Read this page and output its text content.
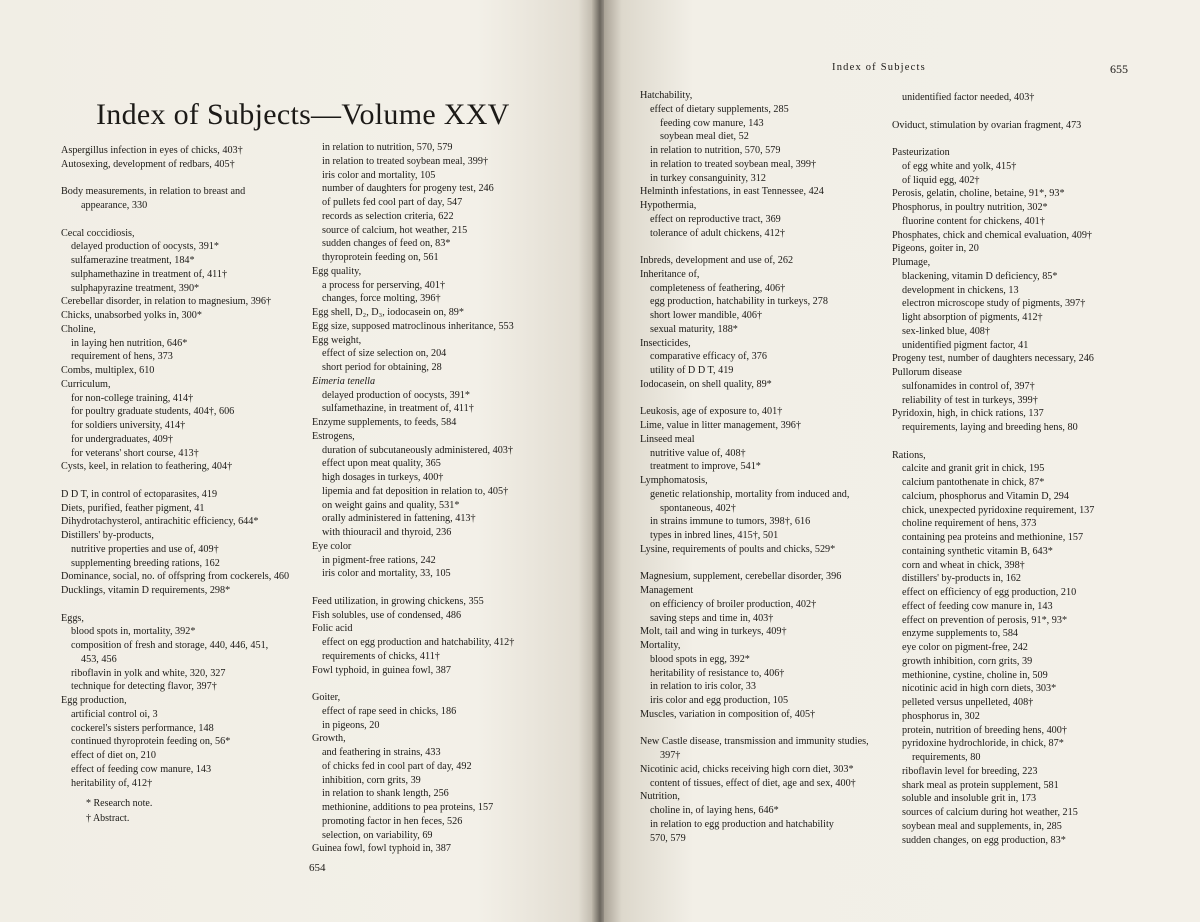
Index of Subjects—Volume XXV
Aspergillus infection in eyes of chicks, 403†
Autosexing, development of redbars, 405†
Body measurements, in relation to breast and appearance, 330
Cecal coccidiosis,
delayed production of oocysts, 391*
sulfamerazine treatment, 184*
sulphamethazine in treatment of, 411†
sulphapyrazine treatment, 390*
Cerebellar disorder, in relation to magnesium, 396†
Chicks, unabsorbed yolks in, 300*
Choline,
in laying hen nutrition, 646*
requirement of hens, 373
Combs, multiplex, 610
Curriculum,
for non-college training, 414†
for poultry graduate students, 404†, 606
for soldiers university, 414†
for undergraduates, 409†
for veterans' short course, 413†
Cysts, keel, in relation to feathering, 404†
D D T, in control of ectoparasites, 419
Diets, purified, feather pigment, 41
Dihydrotachysterol, antirachitic efficiency, 644*
Distillers' by-products,
nutritive properties and use of, 409†
supplementing breeding rations, 162
Dominance, social, no. of offspring from cockerels, 460
Ducklings, vitamin D requirements, 298*
Eggs,
blood spots in, mortality, 392*
composition of fresh and storage, 440, 446, 451,
453, 456
riboflavin in yolk and white, 320, 327
technique for detecting flavor, 397†
Egg production,
artificial control oi, 3
cockerel's sisters performance, 148
continued thyroprotein feeding on, 56*
effect of diet on, 210
effect of feeding cow manure, 143
heritability of, 412†
in relation to nutrition, 570, 579
in relation to treated soybean meal, 399†
iris color and mortality, 105
number of daughters for progeny test, 246
of pullets fed cool part of day, 547
records as selection criteria, 622
source of calcium, hot weather, 215
sudden changes of feed on, 83*
thyroprotein feeding on, 561
Egg quality,
a process for perserving, 401†
changes, force molting, 396†
Egg shell, D₂, D₃, iodocasein on, 89*
Egg size, supposed matroclinous inheritance, 553
Egg weight,
effect of size selection on, 204
short period for obtaining, 28
Eimeria tenella
delayed production of oocysts, 391*
sulfamethazine, in treatment of, 411†
Enzyme supplements, to feeds, 584
Estrogens,
duration of subcutaneously administered, 403†
effect upon meat quality, 365
high dosages in turkeys, 400†
lipemia and fat deposition in relation to, 405†
on weight gains and quality, 531*
orally administered in fattening, 413†
with thiouracil and thyroid, 236
Eye color
in pigment-free rations, 242
iris color and mortality, 33, 105
Feed utilization, in growing chickens, 355
Fish solubles, use of condensed, 486
Folic acid
effect on egg production and hatchability, 412†
requirements of chicks, 411†
Fowl typhoid, in guinea fowl, 387
Goiter,
effect of rape seed in chicks, 186
in pigeons, 20
Growth,
and feathering in strains, 433
of chicks fed in cool part of day, 492
inhibition, corn grits, 39
in relation to shank length, 256
methionine, additions to pea proteins, 157
promoting factor in hen feces, 526
selection, on variability, 69
Guinea fowl, fowl typhoid in, 387
* Research note.
† Abstract.
654
Index of Subjects	655
Hatchability,
effect of dietary supplements, 285
feeding cow manure, 143
soybean meal diet, 52
in relation to nutrition, 570, 579
in relation to treated soybean meal, 399†
in turkey consanguinity, 312
Helminth infestations, in east Tennessee, 424
Hypothermia,
effect on reproductive tract, 369
tolerance of adult chickens, 412†
Inbreds, development and use of, 262
Inheritance of,
completeness of feathering, 406†
egg production, hatchability in turkeys, 278
short lower mandible, 406†
sexual maturity, 188*
Insecticides,
comparative efficacy of, 376
utility of D D T, 419
Iodocasein, on shell quality, 89*
Leukosis, age of exposure to, 401†
Lime, value in litter management, 396†
Linseed meal
nutritive value of, 408†
treatment to improve, 541*
Lymphomatosis,
genetic relationship, mortality from induced and,
spontaneous, 402†
in strains immune to tumors, 398†, 616
types in inbred lines, 415†, 501
Lysine, requirements of poults and chicks, 529*
Magnesium, supplement, cerebellar disorder, 396
Management
on efficiency of broiler production, 402†
saving steps and time in, 403†
Molt, tail and wing in turkeys, 409†
Mortality,
blood spots in egg, 392*
heritability of resistance to, 406†
in relation to iris color, 33
iris color and egg production, 105
Muscles, variation in composition of, 405†
New Castle disease, transmission and immunity studies, 397†
Nicotinic acid, chicks receiving high corn diet, 303*
content of tissues, effect of diet, age and sex, 400†
Nutrition,
choline in, of laying hens, 646*
in relation to egg production and hatchability
570, 579
unidentified factor needed, 403†
Oviduct, stimulation by ovarian fragment, 473
Pasteurization
of egg white and yolk, 415†
of liquid egg, 402†
Perosis, gelatin, choline, betaine, 91*, 93*
Phosphorus, in poultry nutrition, 302*
fluorine content for chickens, 401†
Phosphates, chick and chemical evaluation, 409†
Pigeons, goiter in, 20
Plumage,
blackening, vitamin D deficiency, 85*
development in chickens, 13
electron microscope study of pigments, 397†
light absorption of pigments, 412†
sex-linked blue, 408†
unidentified pigment factor, 41
Progeny test, number of daughters necessary, 246
Pullorum disease
sulfonamides in control of, 397†
reliability of test in turkeys, 399†
Pyridoxin, high, in chick rations, 137
requirements, laying and breeding hens, 80
Rations,
calcite and granit grit in chick, 195
calcium pantothenate in chick, 87*
calcium, phosphorus and Vitamin D, 294
chick, unexpected pyridoxine requirement, 137
choline requirement of hens, 373
containing pea proteins and methionine, 157
containing synthetic vitamin B, 643*
corn and wheat in chick, 398†
distillers' by-products in, 162
effect on efficiency of egg production, 210
effect of feeding cow manure in, 143
effect on prevention of perosis, 91*, 93*
enzyme supplements to, 584
eye color on pigment-free, 242
growth inhibition, corn grits, 39
methionine, cystine, choline in, 509
nicotinic acid in high corn diets, 303*
pelleted versus unpelleted, 408†
phosphorus in, 302
protein, nutrition of breeding hens, 400†
pyridoxine hydrochloride, in chick, 87*
requirements, 80
riboflavin level for breeding, 223
shark meal as protein supplement, 581
soluble and insoluble grit in, 173
sources of calcium during hot weather, 215
soybean meal and supplements, in, 285
sudden changes, on egg production, 83*
